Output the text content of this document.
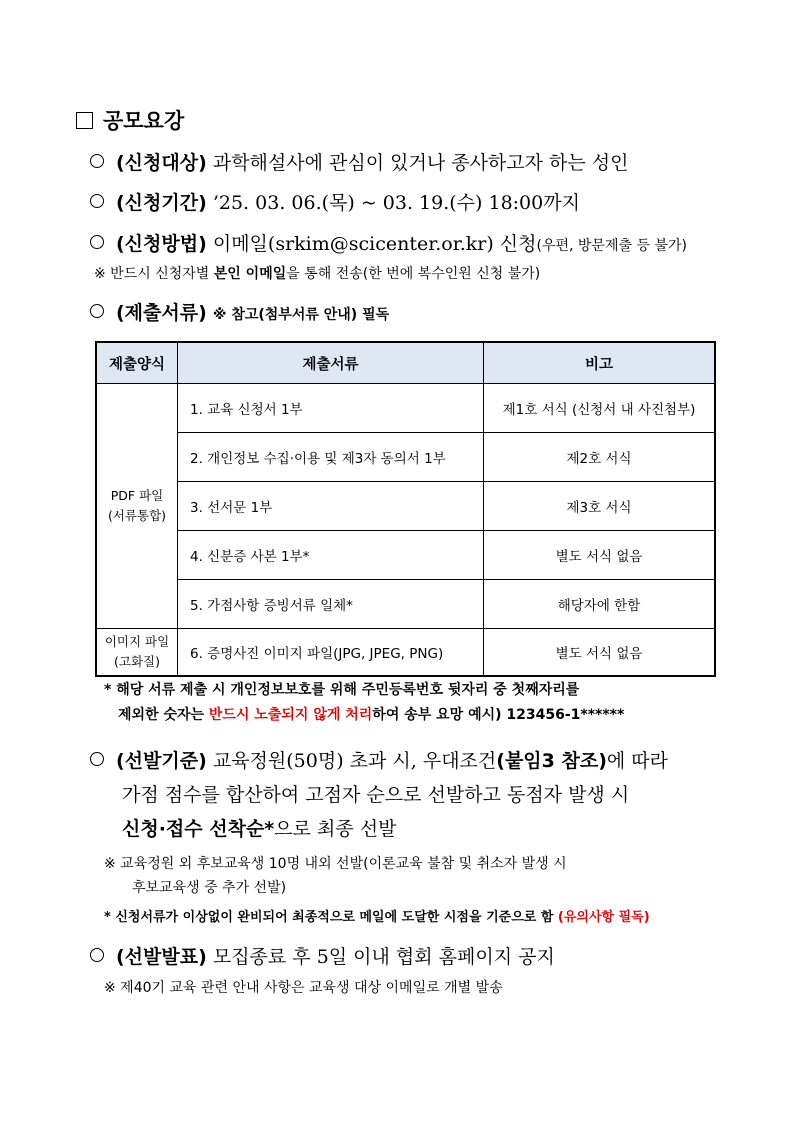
공모요강
(신청대상) 과학해설사에 관심이 있거나 종사하고자 하는 성인
(신청기간) ’25. 03. 06.(목) ~ 03. 19.(수) 18:00까지
(신청방법) 이메일(srkim@scicenter.or.kr) 신청(우편, 방문제출 등 불가)
※ 반드시 신청자별 본인 이메일을 통해 전송(한 번에 복수인원 신청 불가)
(제출서류) ※ 참고(첨부서류 안내) 필독
제출양식	제출서류	비고
PDF 파일
(서류통합)	1. 교육 신청서 1부	제1호 서식 (신청서 내 사진첨부)
	2. 개인정보 수집·이용 및 제3자 동의서 1부	제2호 서식
	3. 선서문 1부	제3호 서식
	4. 신분증 사본 1부*	별도 서식 없음
	5. 가점사항 증빙서류 일체*	해당자에 한함
이미지 파일
(고화질)	6. 증명사진 이미지 파일(JPG, JPEG, PNG)	별도 서식 없음
* 해당 서류 제출 시 개인정보보호를 위해 주민등록번호 뒷자리 중 첫째자리를
제외한 숫자는 반드시 노출되지 않게 처리하여 송부 요망 예시) 123456-1******
(선발기준) 교육정원(50명) 초과 시, 우대조건(붙임3 참조)에 따라
가점 점수를 합산하여 고점자 순으로 선발하고 동점자 발생 시
신청·접수 선착순*으로 최종 선발
※ 교육정원 외 후보교육생 10명 내외 선발(이론교육 불참 및 취소자 발생 시
후보교육생 중 추가 선발)
* 신청서류가 이상없이 완비되어 최종적으로 메일에 도달한 시점을 기준으로 함 (유의사항 필독)
(선발발표) 모집종료 후 5일 이내 협회 홈페이지 공지
※ 제40기 교육 관련 안내 사항은 교육생 대상 이메일로 개별 발송
